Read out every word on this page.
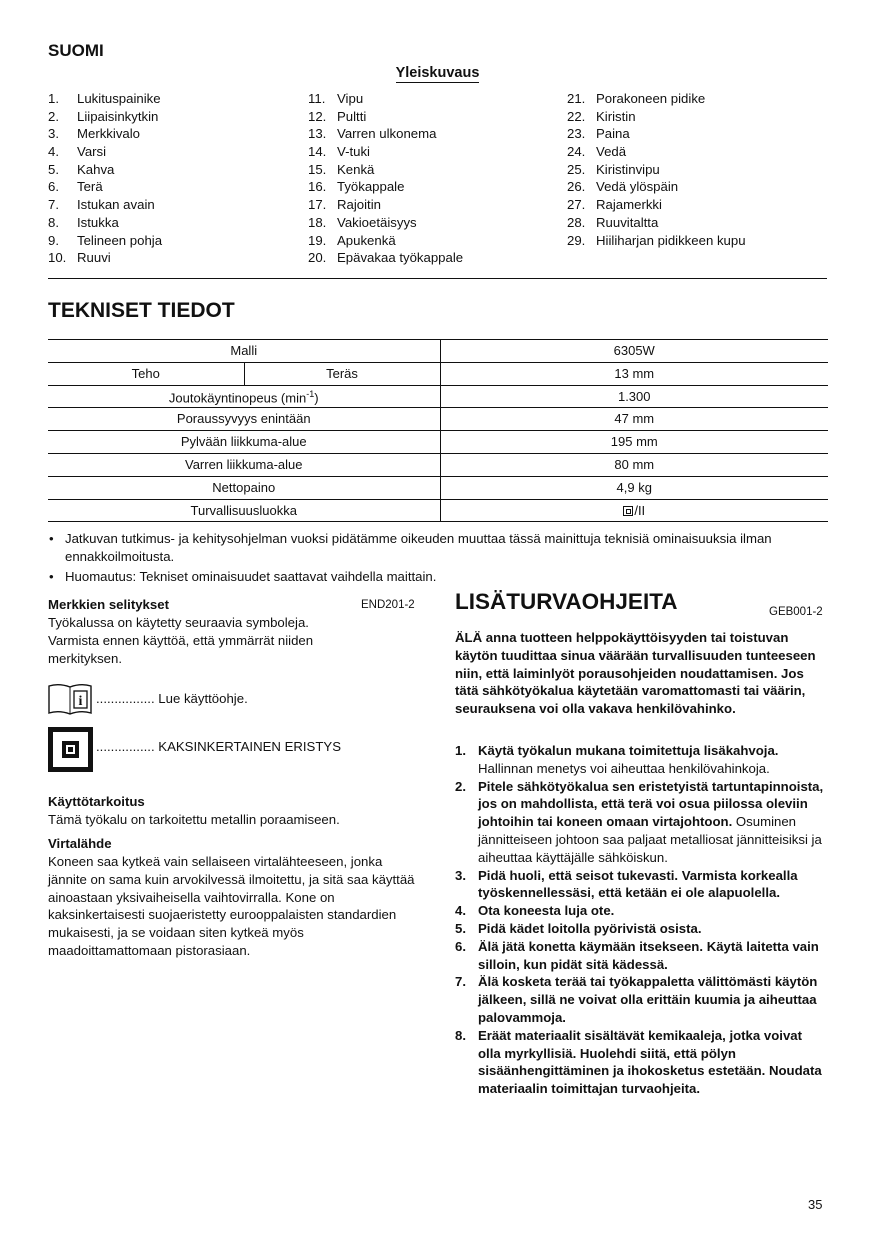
SUOMI
Yleiskuvaus
1. Lukituspainike
2. Liipaisinkytkin
3. Merkkivalo
4. Varsi
5. Kahva
6. Terä
7. Istukan avain
8. Istukka
9. Telineen pohja
10. Ruuvi
11. Vipu
12. Pultti
13. Varren ulkonema
14. V-tuki
15. Kenkä
16. Työkappale
17. Rajoitin
18. Vakioetäisyys
19. Apukenkä
20. Epävakaa työkappale
21. Porakoneen pidike
22. Kiristin
23. Paina
24. Vedä
25. Kiristinvipu
26. Vedä ylöspäin
27. Rajamerkki
28. Ruuvitaltta
29. Hiiliharjan pidikkeen kupu
TEKNISET TIEDOT
Malli		6305W
Teho	Teräs	13 mm
Joutokäyntinopeus $(\min^{-1})$		1.300
Poraussyvyys enintään		47 mm
Pylvään liikkuma-alue		195 mm
Varren liikkuma-alue		80 mm
Nettopaino		4,9 kg
Turvallisuusluokka		/II
• Jatkuvan tutkimus- ja kehitysohjelman vuoksi pidätämme oikeuden muuttaa tässä mainittuja teknisiä ominaisuuksia ilman ennakkoilmoitusta.
• Huomautus: Tekniset ominaisuudet saattavat vaihdella maittain.
Merkkien selitykset	END201-2
Työkalussa on käytetty seuraavia symboleja. Varmista ennen käyttöä, että ymmärrät niiden merkityksen.
i ................ Lue käyttöohje.
................ KAKSINKERTAINEN ERISTYS
Käyttötarkoitus
Tämä työkalu on tarkoitettu metallin poraamiseen.
Virtalähde
Koneen saa kytkeä vain sellaiseen virtalähteeseen, jonka jännite on sama kuin arvokilvessä ilmoitettu, ja sitä saa käyttää ainoastaan yksivaiheisella vaihtovirralla. Kone on kaksinkertaisesti suojaeristetty eurooppalaisten standardien mukaisesti, ja se voidaan siten kytkeä myös maadoittamattomaan pistorasiaan.
LISÄTURVAOHJEITA	GEB001-2
ÄLÄ anna tuotteen helppokäyttöisyyden tai toistuvan käytön tuudittaa sinua väärään turvallisuuden tunteeseen niin, että laiminlyöt porausohjeiden noudattamisen. Jos tätä sähkötyökalua käytetään varomattomasti tai väärin, seurauksena voi olla vakava henkilövahinko.
1. Käytä työkalun mukana toimitettuja lisäkahvoja. Hallinnan menetys voi aiheuttaa henkilövahinkoja.
2. Pitele sähkötyökalua sen eristetyistä tartuntapinnoista, jos on mahdollista, että terä voi osua piilossa oleviin johtoihin tai koneen omaan virtajohtoon. Osuminen jännitteiseen johtoon saa paljaat metalliosat jännitteisiksi ja aiheuttaa käyttäjälle sähköiskun.
3. Pidä huoli, että seisot tukevasti. Varmista korkealla työskennellessäsi, että ketään ei ole alapuolella.
4. Ota koneesta luja ote.
5. Pidä kädet loitolla pyörivistä osista.
6. Älä jätä konetta käymään itsekseen. Käytä laitetta vain silloin, kun pidät sitä kädessä.
7. Älä kosketa terää tai työkappaletta välittömästi käytön jälkeen, sillä ne voivat olla erittäin kuumia ja aiheuttaa palovammoja.
8. Eräät materiaalit sisältävät kemikaaleja, jotka voivat olla myrkyllisiä. Huolehdi siitä, että pölyn sisäänhengittäminen ja ihokosketus estetään. Noudata materiaalin toimittajan turvaohjeita.
35
